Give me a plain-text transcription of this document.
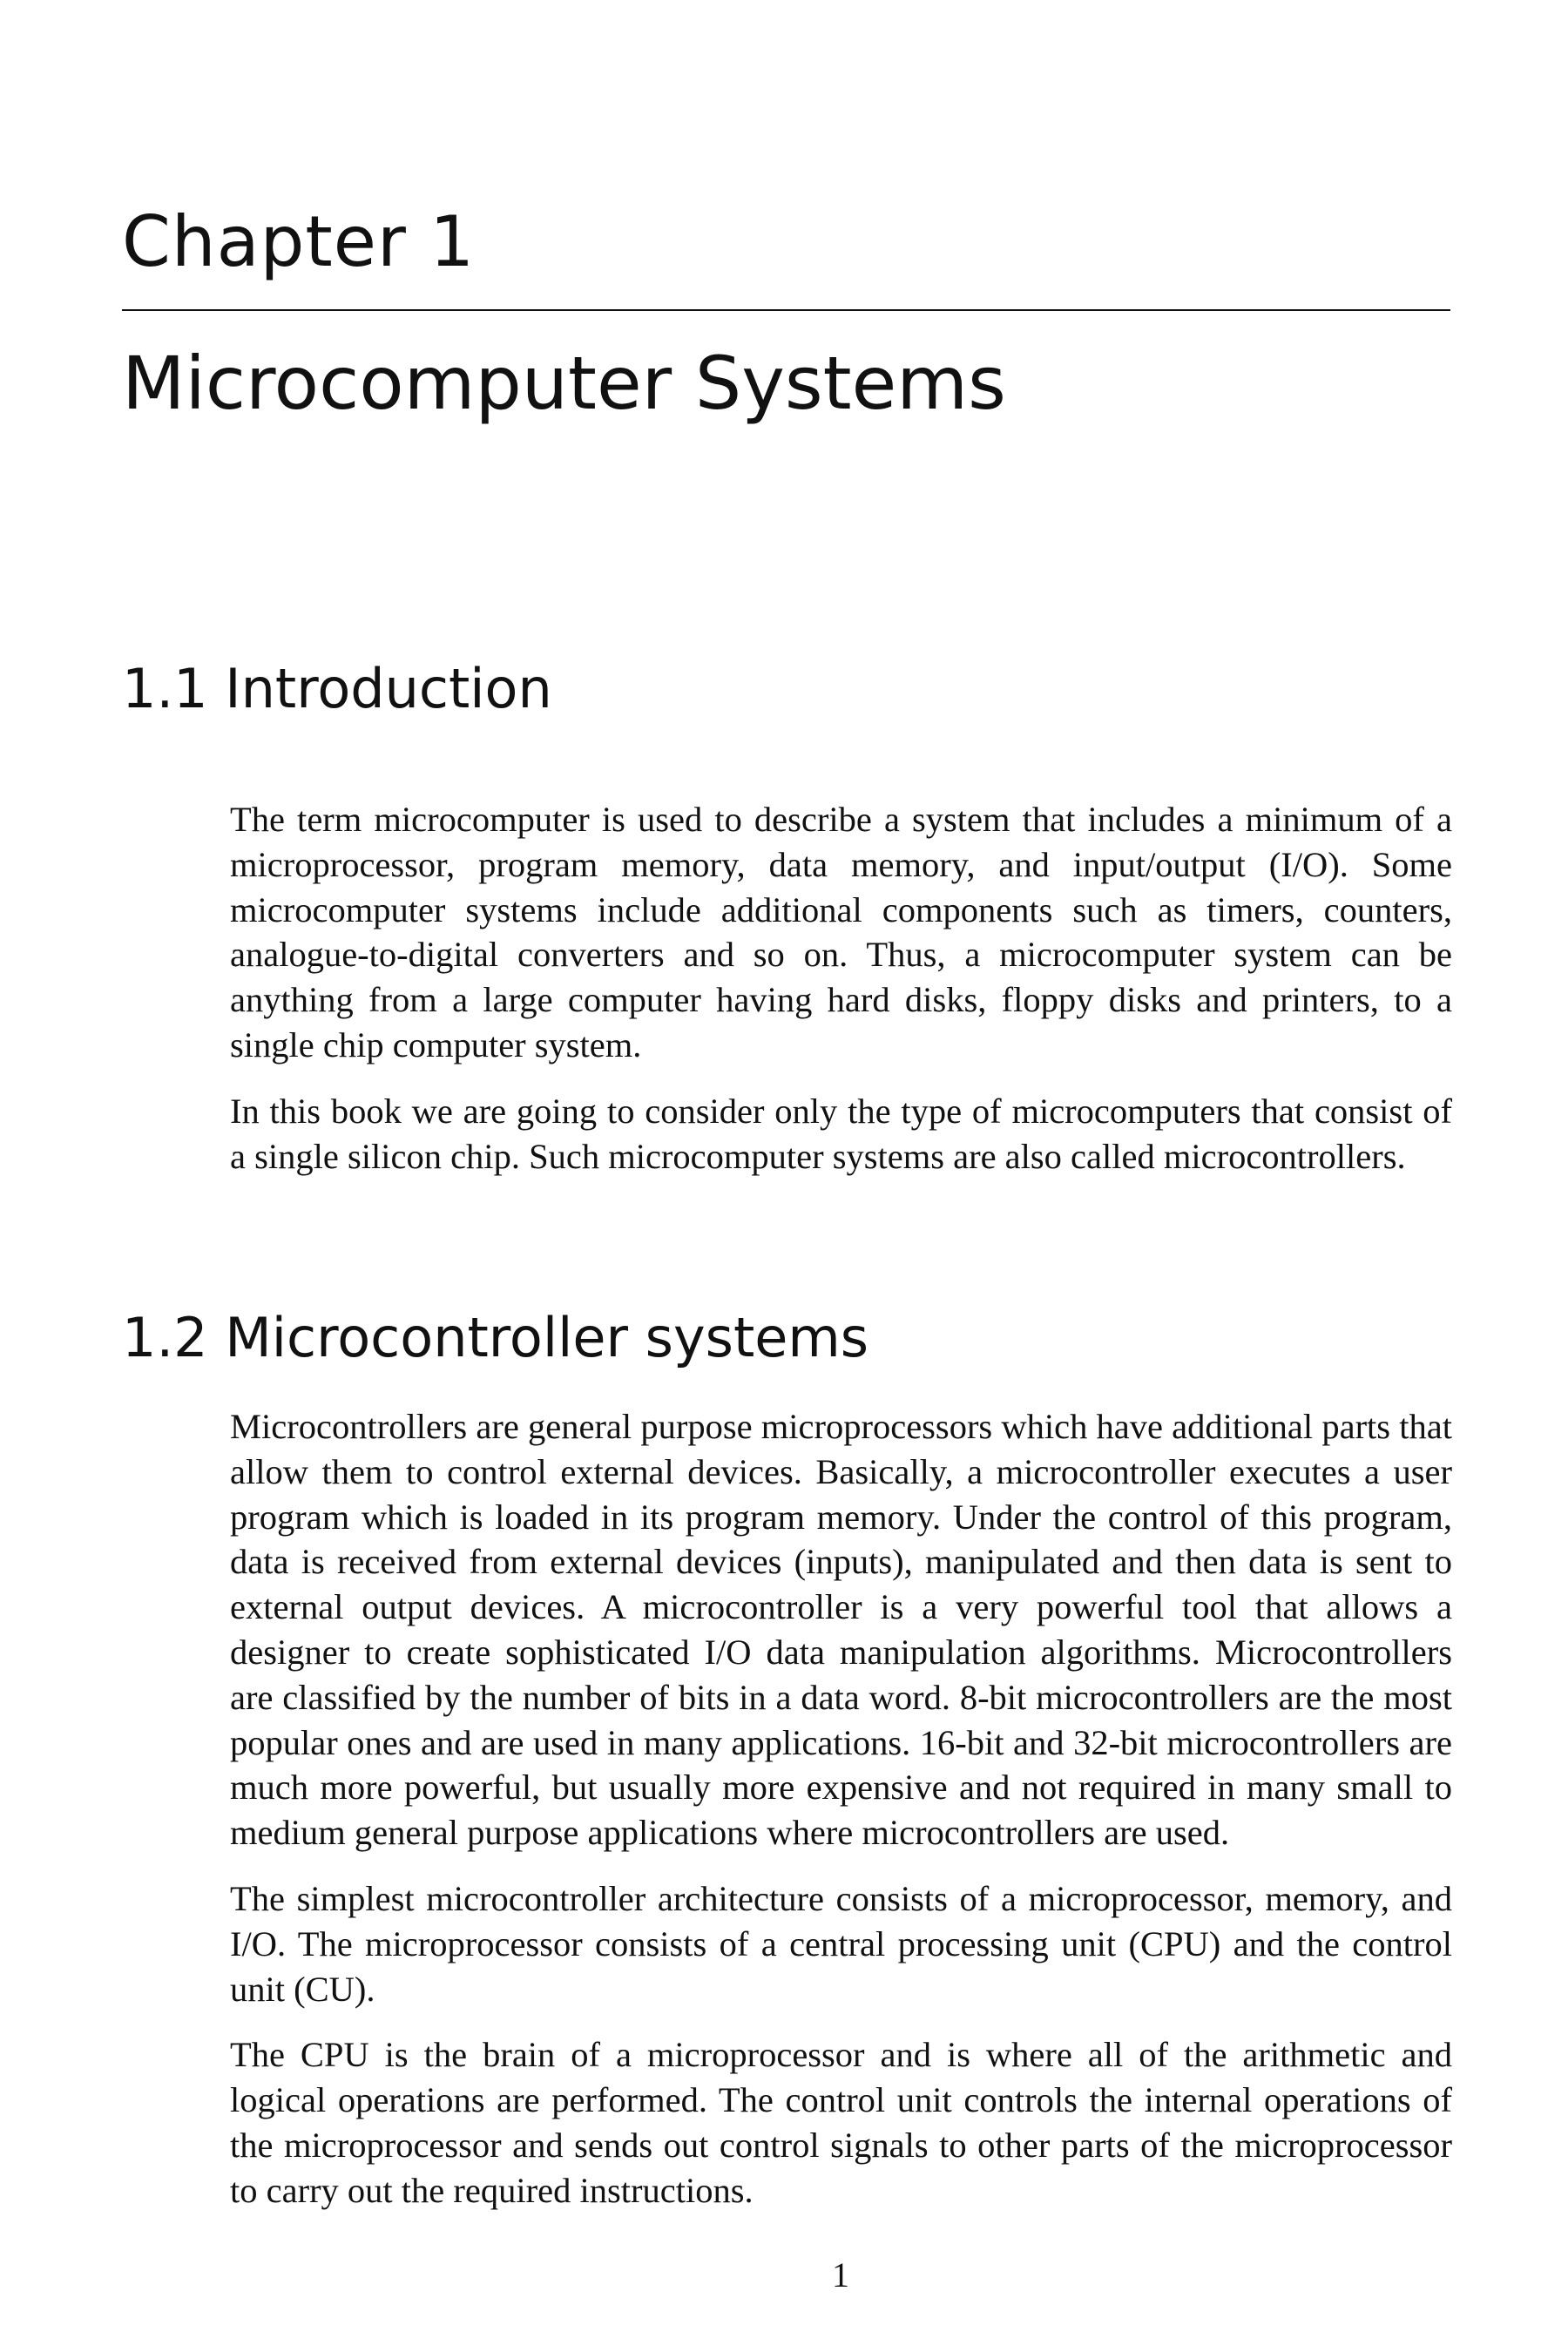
Chapter 1
Microcomputer Systems
1.1 Introduction

The term microcomputer is used to describe a system that includes a minimum of a microprocessor, program memory, data memory, and input/output (I/O). Some microcomputer systems include additional components such as timers, counters, analogue-to-digital converters and so on. Thus, a microcomputer system can be anything from a large computer having hard disks, floppy disks and printers, to a single chip computer system.

In this book we are going to consider only the type of microcomputers that consist of a single silicon chip. Such microcomputer systems are also called microcontrollers.

1.2 Microcontroller systems

Microcontrollers are general purpose microprocessors which have additional parts that allow them to control external devices. Basically, a microcontroller executes a user program which is loaded in its program memory. Under the control of this program, data is received from external devices (inputs), manipulated and then data is sent to external output devices. A microcontroller is a very powerful tool that allows a designer to create sophisticated I/O data manipulation algorithms. Microcontrollers are classified by the number of bits in a data word. 8-bit microcontrollers are the most popular ones and are used in many applications. 16-bit and 32-bit microcontrollers are much more powerful, but usually more expensive and not required in many small to medium general purpose applications where microcontrollers are used.

The simplest microcontroller architecture consists of a microprocessor, memory, and I/O. The microprocessor consists of a central processing unit (CPU) and the control unit (CU).

The CPU is the brain of a microprocessor and is where all of the arithmetic and logical operations are performed. The control unit controls the internal operations of the microprocessor and sends out control signals to other parts of the microprocessor to carry out the required instructions.

1
